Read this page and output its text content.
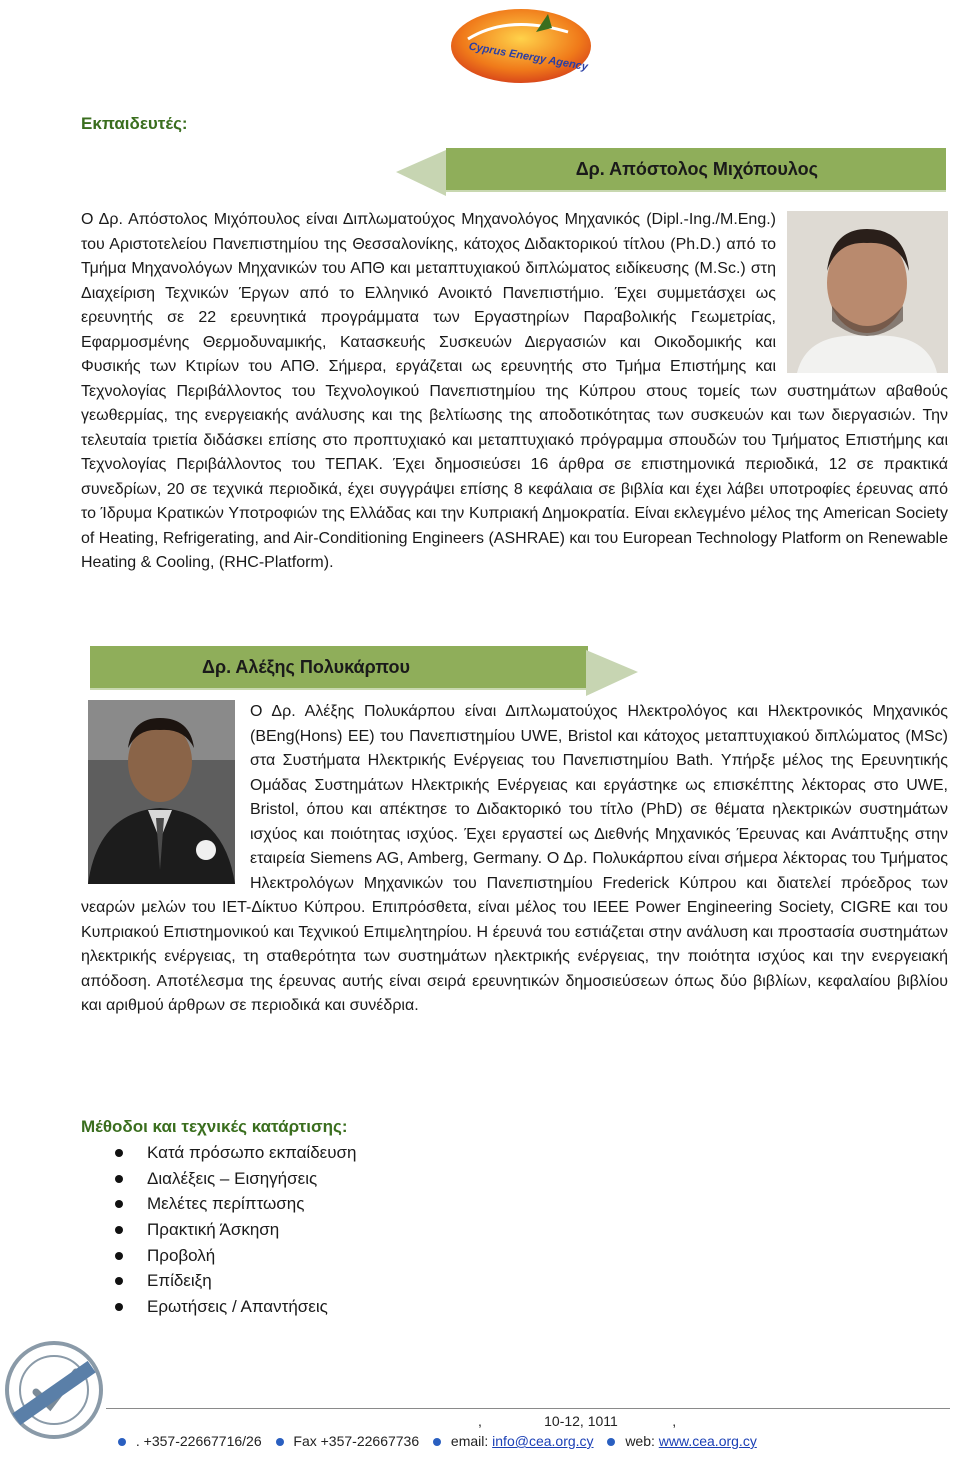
Cyprus Energy Agency
Εκπαιδευτές:
Δρ. Απόστολος Μιχόπουλος
Ο Δρ. Απόστολος Μιχόπουλος είναι Διπλωματούχος Μηχανολόγος Μηχανικός (Dipl.-Ing./M.Eng.) του Αριστοτελείου Πανεπιστημίου της Θεσσαλονίκης, κάτοχος Διδακτορικού τίτλου (Ph.D.) από το Τμήμα Μηχανολόγων Μηχανικών του ΑΠΘ και μεταπτυχιακού διπλώματος ειδίκευσης (M.Sc.) στη Διαχείριση Τεχνικών Έργων από το Ελληνικό Ανοικτό Πανεπιστήμιο. Έχει συμμετάσχει ως ερευνητής σε 22 ερευνητικά προγράμματα των Εργαστηρίων Παραβολικής Γεωμετρίας, Εφαρμοσμένης Θερμοδυναμικής, Κατασκευής Συσκευών Διεργασιών και Οικοδομικής και Φυσικής των Κτιρίων του ΑΠΘ. Σήμερα, εργάζεται ως ερευνητής στο Τμήμα Επιστήμης και Τεχνολογίας Περιβάλλοντος του Τεχνολογικού Πανεπιστημίου της Κύπρου στους τομείς των συστημάτων αβαθούς γεωθερμίας, της ενεργειακής ανάλυσης και της βελτίωσης της αποδοτικότητας των συσκευών και των διεργασιών. Την τελευταία τριετία διδάσκει επίσης στο προπτυχιακό και μεταπτυχιακό πρόγραμμα σπουδών του Τμήματος Επιστήμης και Τεχνολογίας Περιβάλλοντος του ΤΕΠΑΚ. Έχει δημοσιεύσει 16 άρθρα σε επιστημονικά περιοδικά, 12 σε πρακτικά συνεδρίων, 20 σε τεχνικά περιοδικά, έχει συγγράψει επίσης 8 κεφάλαια σε βιβλία και έχει λάβει υποτροφίες έρευνας από το Ίδρυμα Κρατικών Υποτροφιών της Ελλάδας και την Κυπριακή Δημοκρατία. Είναι εκλεγμένο μέλος της American Society of Heating, Refrigerating, and Air-Conditioning Engineers (ASHRAE) και του European Technology Platform on Renewable Heating & Cooling, (RHC-Platform).
Δρ. Αλέξης Πολυκάρπου
Ο Δρ. Αλέξης Πολυκάρπου είναι Διπλωματούχος Ηλεκτρολόγος και Ηλεκτρονικός Μηχανικός (BEng(Hons) EE) του Πανεπιστημίου UWE, Bristol και κάτοχος μεταπτυχιακού διπλώματος (MSc) στα Συστήματα Ηλεκτρικής Ενέργειας του Πανεπιστημίου Bath. Υπήρξε μέλος της Ερευνητικής Ομάδας Συστημάτων Ηλεκτρικής Ενέργειας και εργάστηκε ως επισκέπτης λέκτορας στο UWE, Bristol, όπου και απέκτησε το Διδακτορικό του τίτλο (PhD) σε θέματα ηλεκτρικών συστημάτων ισχύος και ποιότητας ισχύος. Έχει εργαστεί ως Διεθνής Μηχανικός Έρευνας και Ανάπτυξης στην εταιρεία Siemens AG, Amberg, Germany. Ο Δρ. Πολυκάρπου είναι σήμερα λέκτορας του Τμήματος Ηλεκτρολόγων Μηχανικών του Πανεπιστημίου Frederick Κύπρου και διατελεί πρόεδρος των νεαρών μελών του IET-Δίκτυο Κύπρου. Επιπρόσθετα, είναι μέλος του IEEE Power Engineering Society, CIGRE και του Κυπριακού Επιστημονικού και Τεχνικού Επιμελητηρίου. Η έρευνά του εστιάζεται στην ανάλυση και προστασία συστημάτων ηλεκτρικής ενέργειας, τη σταθερότητα των συστημάτων ηλεκτρικής ενέργειας, την ποιότητα ισχύος και την ενεργειακή απόδοση. Αποτέλεσμα της έρευνας αυτής είναι σειρά ερευνητικών δημοσιεύσεων όπως δύο βιβλίων, κεφαλαίου βιβλίου και αριθμού άρθρων σε περιοδικά και συνέδρια.
Μέθοδοι και τεχνικές κατάρτισης:
Κατά πρόσωπο εκπαίδευση
Διαλέξεις – Εισηγήσεις
Μελέτες περίπτωσης
Πρακτική Άσκηση
Προβολή
Επίδειξη
Ερωτήσεις / Απαντήσεις
,                10-12, 1011              ,
. +357-22667716/26 Fax +357-22667736 email: info@cea.org.cy web: www.cea.org.cy
